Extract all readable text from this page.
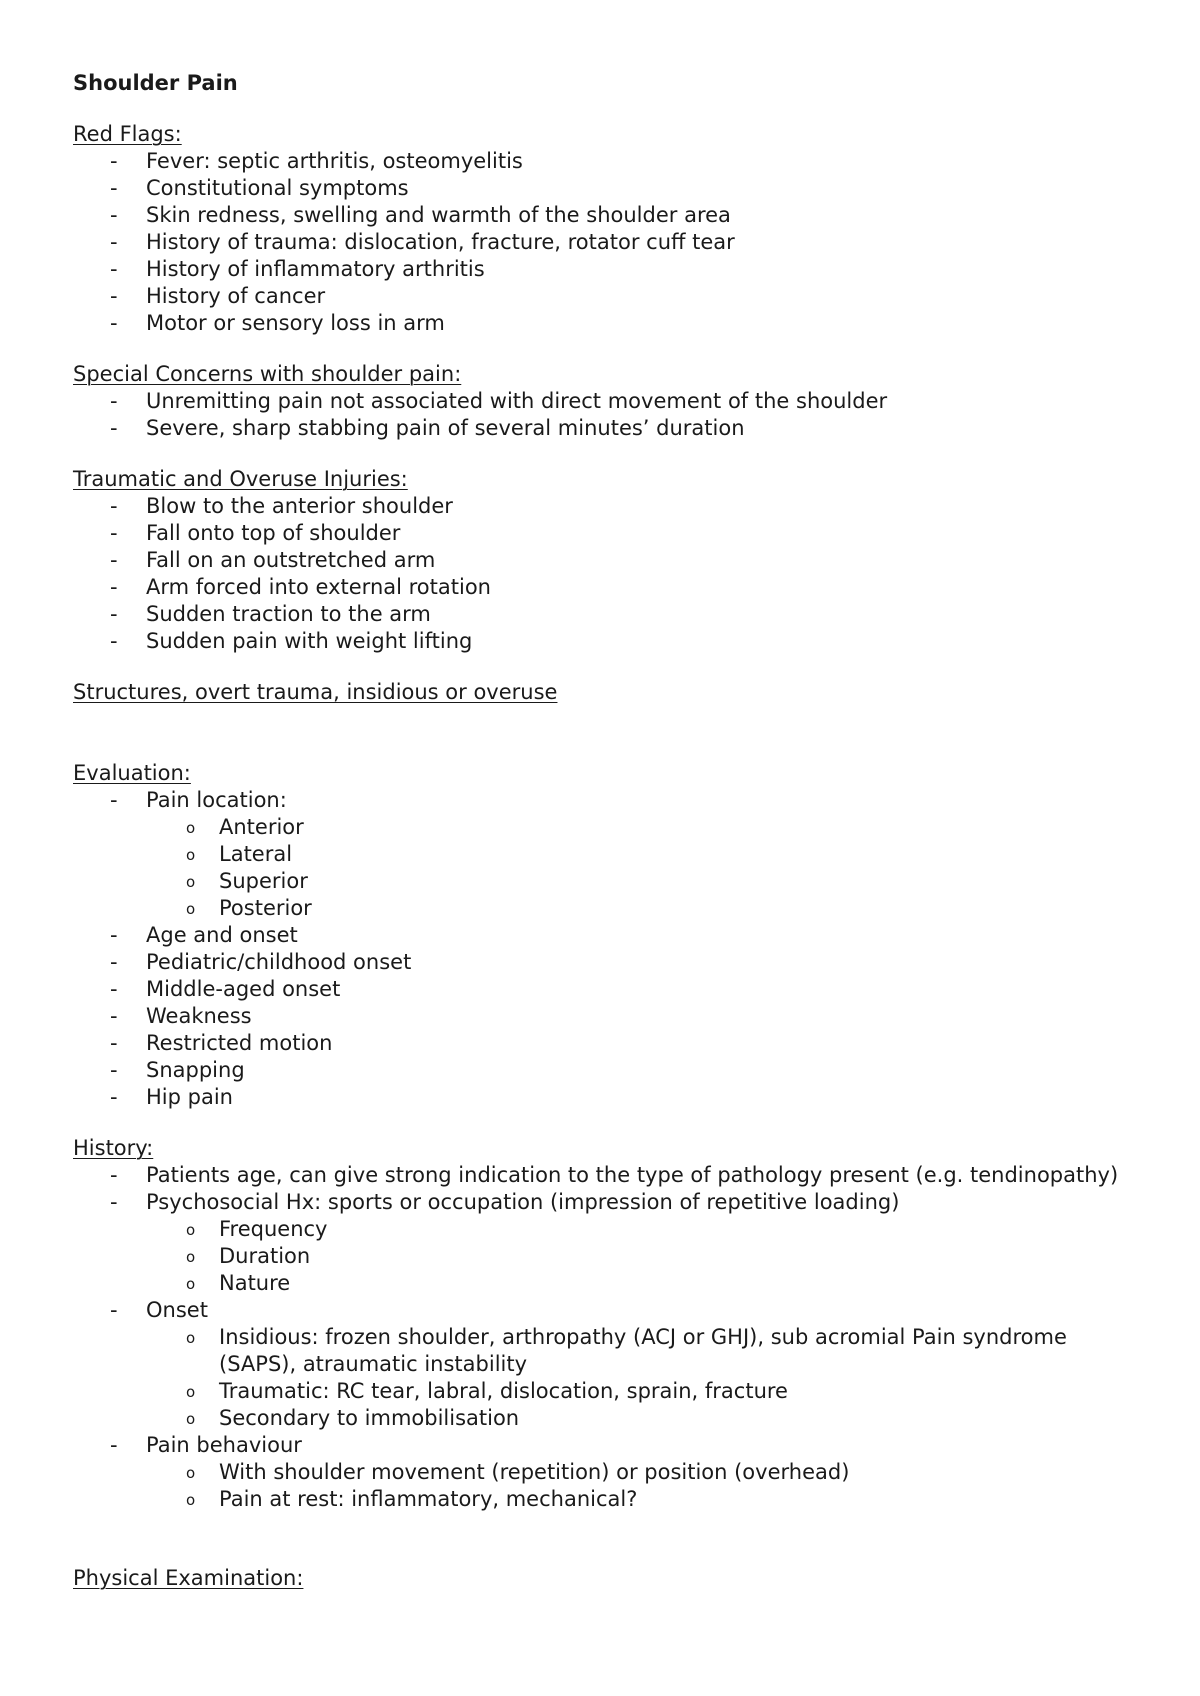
Shoulder Pain
Red Flags:
- Fever: septic arthritis, osteomyelitis
- Constitutional symptoms
- Skin redness, swelling and warmth of the shoulder area
- History of trauma: dislocation, fracture, rotator cuff tear
- History of inflammatory arthritis
- History of cancer
- Motor or sensory loss in arm
Special Concerns with shoulder pain:
- Unremitting pain not associated with direct movement of the shoulder
- Severe, sharp stabbing pain of several minutes’ duration
Traumatic and Overuse Injuries:
- Blow to the anterior shoulder
- Fall onto top of shoulder
- Fall on an outstretched arm
- Arm forced into external rotation
- Sudden traction to the arm
- Sudden pain with weight lifting
Structures, overt trauma, insidious or overuse
Evaluation:
- Pain location:
o Anterior
o Lateral
o Superior
o Posterior
- Age and onset
- Pediatric/childhood onset
- Middle-aged onset
- Weakness
- Restricted motion
- Snapping
- Hip pain
History:
- Patients age, can give strong indication to the type of pathology present (e.g. tendinopathy)
- Psychosocial Hx: sports or occupation (impression of repetitive loading)
o Frequency
o Duration
o Nature
- Onset
o Insidious: frozen shoulder, arthropathy (ACJ or GHJ), sub acromial Pain syndrome (SAPS), atraumatic instability
o Traumatic: RC tear, labral, dislocation, sprain, fracture
o Secondary to immobilisation
- Pain behaviour
o With shoulder movement (repetition) or position (overhead)
o Pain at rest: inflammatory, mechanical?
Physical Examination:
